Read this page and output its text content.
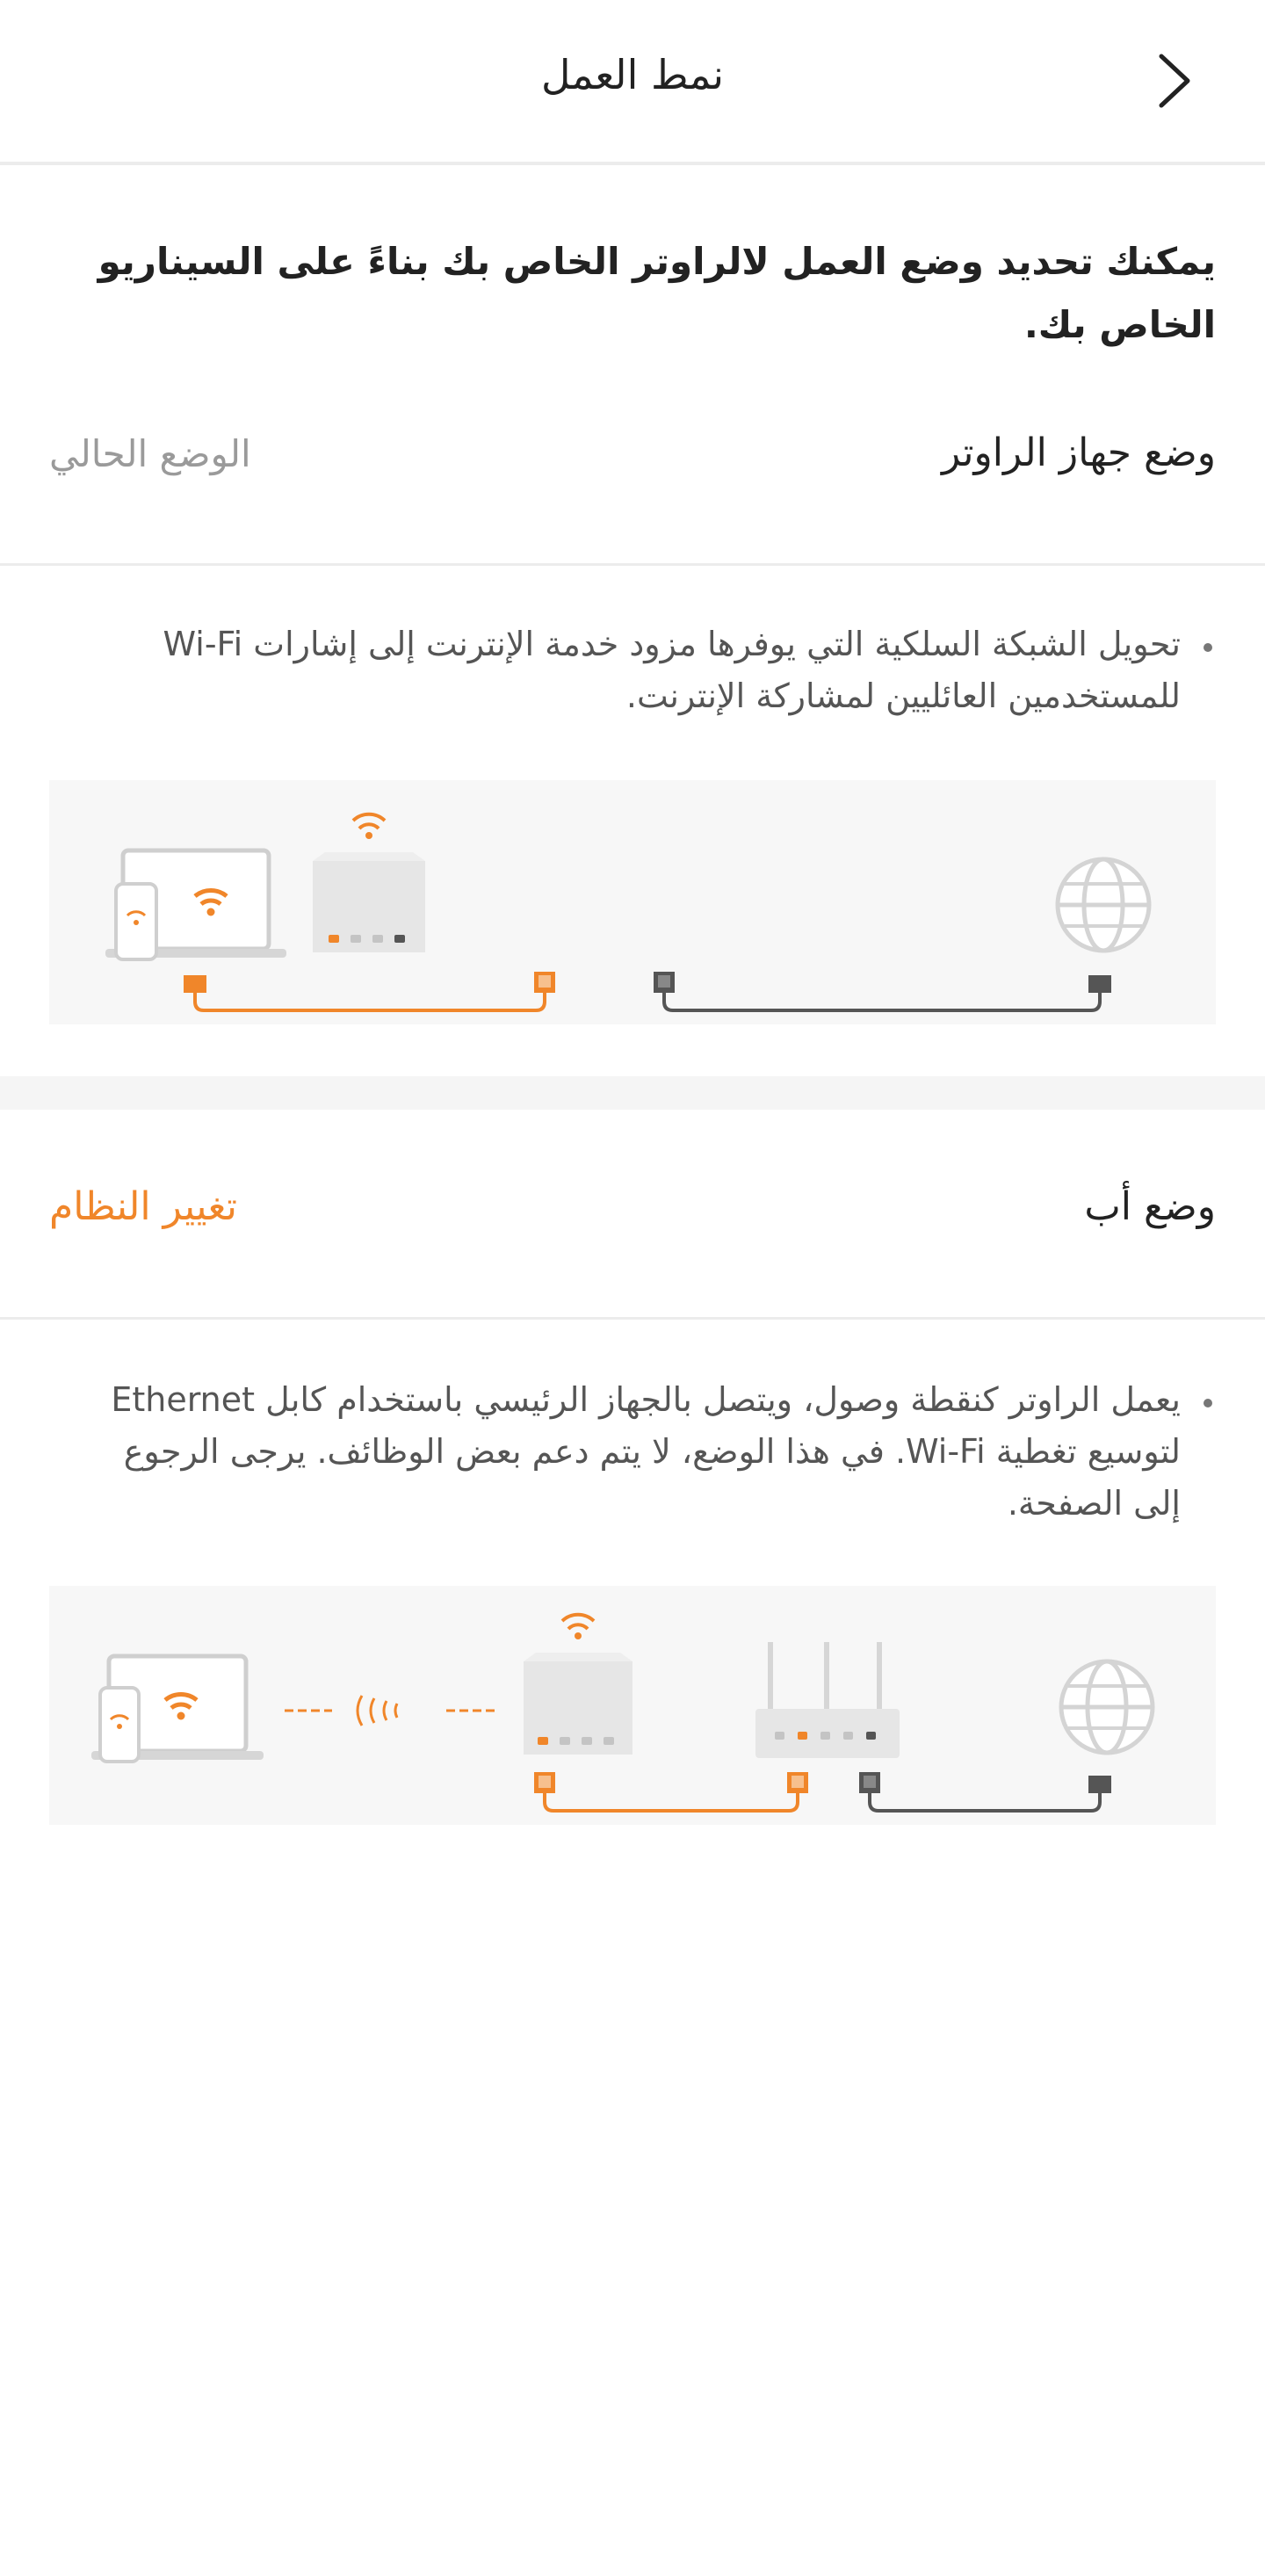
نمط العمل
يمكنك تحديد وضع العمل لالراوتر الخاص بك بناءً على السيناريو الخاص بك.
وضع جهاز الراوتر
الوضع الحالي
تحويل الشبكة السلكية التي يوفرها مزود خدمة الإنترنت إلى إشارات Wi-Fi
للمستخدمين العائليين لمشاركة الإنترنت.
وضع أب
تغيير النظام
يعمل الراوتر كنقطة وصول، ويتصل بالجهاز الرئيسي باستخدام كابل Ethernet
لتوسيع تغطية Wi-Fi. في هذا الوضع، لا يتم دعم بعض الوظائف. يرجى الرجوع
إلى الصفحة.
